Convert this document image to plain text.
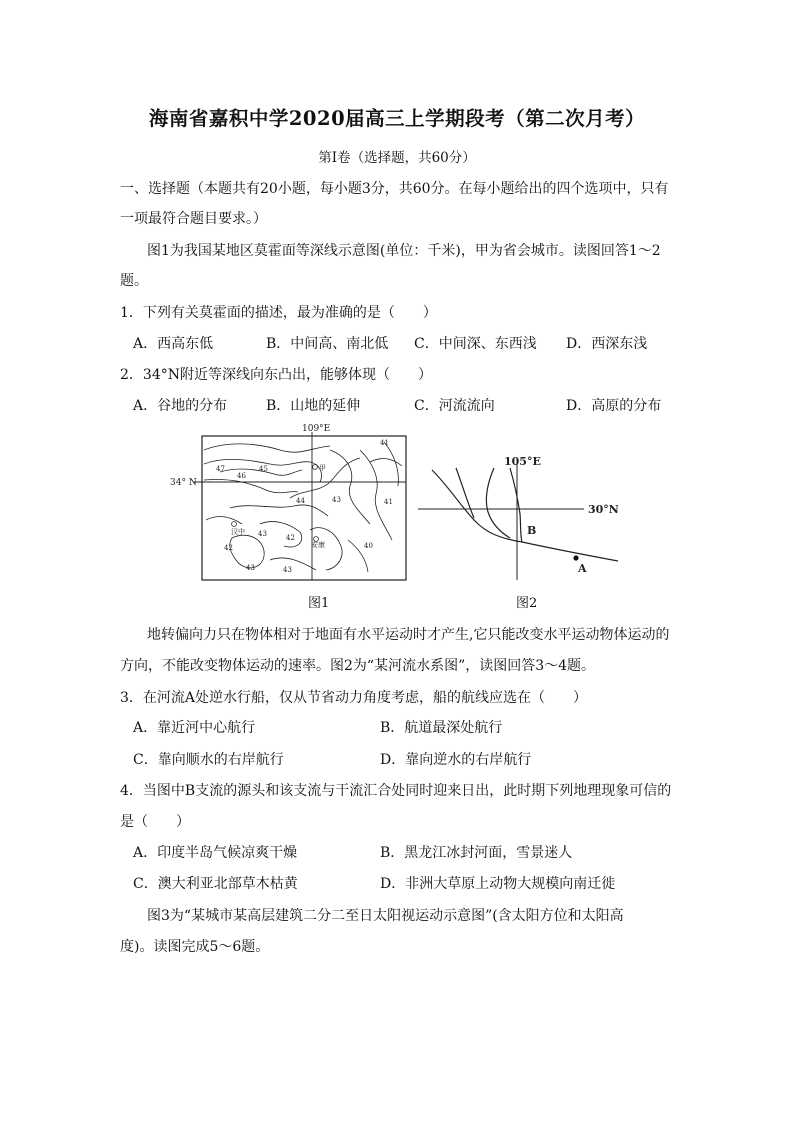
海南省嘉积中学2020届高三上学期段考（第二次月考）
第Ⅰ卷（选择题，共60分）
一、选择题（本题共有20小题，每小题3分，共60分。在每小题给出的四个选项中，只有
一项最符合题目要求。）
图1为我国某地区莫霍面等深线示意图(单位：千米)，甲为省会城市。读图回答1～2
题。
1．下列有关莫霍面的描述，最为准确的是（　　）
A．西高东低	B．中间高、南北低 C．中间深、东西浅 D．西深东浅
2．34°N附近等深线向东凸出，能够体现（　　）
A．谷地的分布	B．山地的延伸	C．河流流向	D．高原的分布
41
47	45
46
甲
44	43	41
42
43
汉中
42	40
安康
43	43
109°E
34° N
图1
105°E
30°N
B
A
图2
地转偏向力只在物体相对于地面有水平运动时才产生,它只能改变水平运动物体运动的
方向，不能改变物体运动的速率。图2为“某河流水系图”，读图回答3～4题。
3．在河流A处逆水行船，仅从节省动力角度考虑，船的航线应选在（　　）
A．靠近河中心航行	B．航道最深处航行
C．靠向顺水的右岸航行	D．靠向逆水的右岸航行
4．当图中B支流的源头和该支流与干流汇合处同时迎来日出，此时期下列地理现象可信的
是（　　）
A．印度半岛气候凉爽干燥	B．黑龙江冰封河面，雪景迷人
C．澳大利亚北部草木枯黄	D．非洲大草原上动物大规模向南迁徙
图3为“某城市某高层建筑二分二至日太阳视运动示意图”(含太阳方位和太阳高
度)。读图完成5～6题。
